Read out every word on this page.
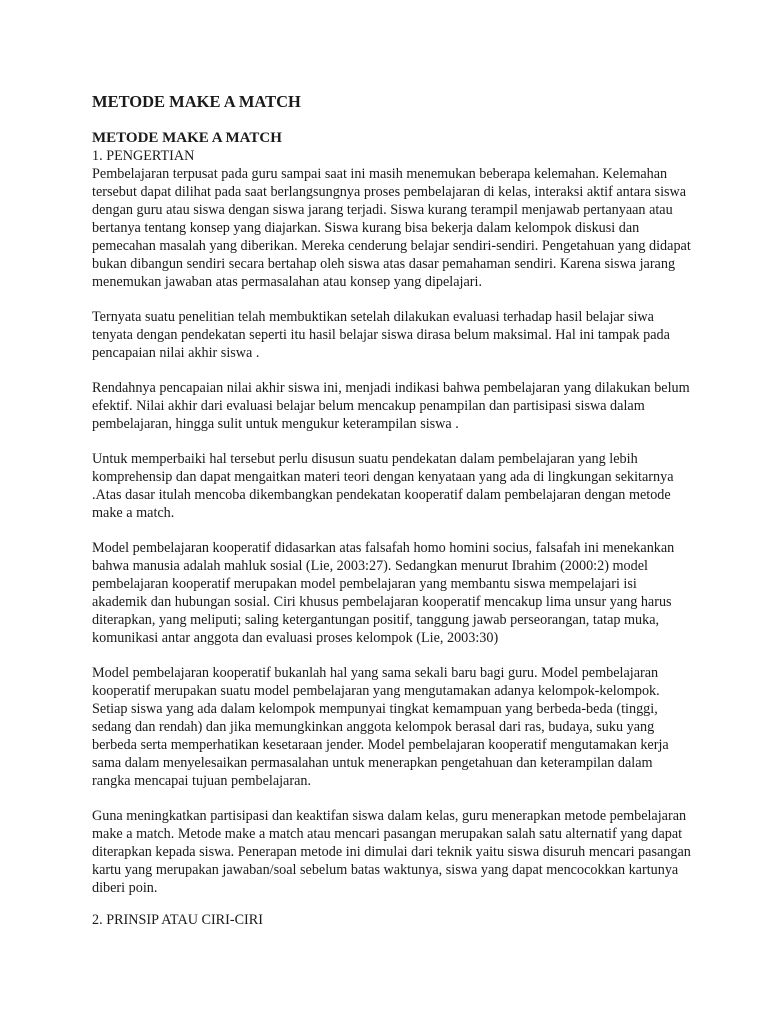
METODE MAKE A MATCH
METODE MAKE A MATCH

1. PENGERTIAN

Pembelajaran terpusat pada guru sampai saat ini masih menemukan beberapa kelemahan. Kelemahan tersebut dapat dilihat pada saat berlangsungnya proses pembelajaran di kelas, interaksi aktif antara siswa dengan guru atau siswa dengan siswa jarang terjadi. Siswa kurang terampil menjawab pertanyaan atau bertanya tentang konsep yang diajarkan. Siswa kurang bisa bekerja dalam kelompok diskusi dan pemecahan masalah yang diberikan. Mereka cenderung belajar sendiri-sendiri. Pengetahuan yang didapat bukan dibangun sendiri secara bertahap oleh siswa atas dasar pemahaman sendiri. Karena siswa jarang menemukan jawaban atas permasalahan atau konsep yang dipelajari.

Ternyata suatu penelitian telah membuktikan setelah dilakukan evaluasi terhadap hasil belajar siwa tenyata dengan pendekatan seperti itu hasil belajar siswa dirasa belum maksimal. Hal ini tampak pada pencapaian nilai akhir siswa .

Rendahnya pencapaian nilai akhir siswa ini, menjadi indikasi bahwa pembelajaran yang dilakukan belum efektif. Nilai akhir dari evaluasi belajar belum mencakup penampilan dan partisipasi siswa dalam pembelajaran, hingga sulit untuk mengukur keterampilan siswa .

Untuk memperbaiki hal tersebut perlu disusun suatu pendekatan dalam pembelajaran yang lebih komprehensip dan dapat mengaitkan materi teori dengan kenyataan yang ada di lingkungan sekitarnya .Atas dasar itulah mencoba dikembangkan pendekatan kooperatif dalam pembelajaran dengan metode make a match.

Model pembelajaran kooperatif didasarkan atas falsafah homo homini socius, falsafah ini menekankan bahwa manusia adalah mahluk sosial (Lie, 2003:27). Sedangkan menurut Ibrahim (2000:2) model pembelajaran kooperatif merupakan model pembelajaran yang membantu siswa mempelajari isi akademik dan hubungan sosial. Ciri khusus pembelajaran kooperatif mencakup lima unsur yang harus diterapkan, yang meliputi; saling ketergantungan positif, tanggung jawab perseorangan, tatap muka, komunikasi antar anggota dan evaluasi proses kelompok (Lie, 2003:30)

Model pembelajaran kooperatif bukanlah hal yang sama sekali baru bagi guru. Model pembelajaran kooperatif merupakan suatu model pembelajaran yang mengutamakan adanya kelompok-kelompok. Setiap siswa yang ada dalam kelompok mempunyai tingkat kemampuan yang berbeda-beda (tinggi, sedang dan rendah) dan jika memungkinkan anggota kelompok berasal dari ras, budaya, suku yang berbeda serta memperhatikan kesetaraan jender. Model pembelajaran kooperatif mengutamakan kerja sama dalam menyelesaikan permasalahan untuk menerapkan pengetahuan dan keterampilan dalam rangka mencapai tujuan pembelajaran.

Guna meningkatkan partisipasi dan keaktifan siswa dalam kelas, guru menerapkan metode pembelajaran make a match. Metode make a match atau mencari pasangan merupakan salah satu alternatif yang dapat diterapkan kepada siswa. Penerapan metode ini dimulai dari teknik yaitu siswa disuruh mencari pasangan kartu yang merupakan jawaban/soal sebelum batas waktunya, siswa yang dapat mencocokkan kartunya diberi poin.

2. PRINSIP ATAU CIRI-CIRI
